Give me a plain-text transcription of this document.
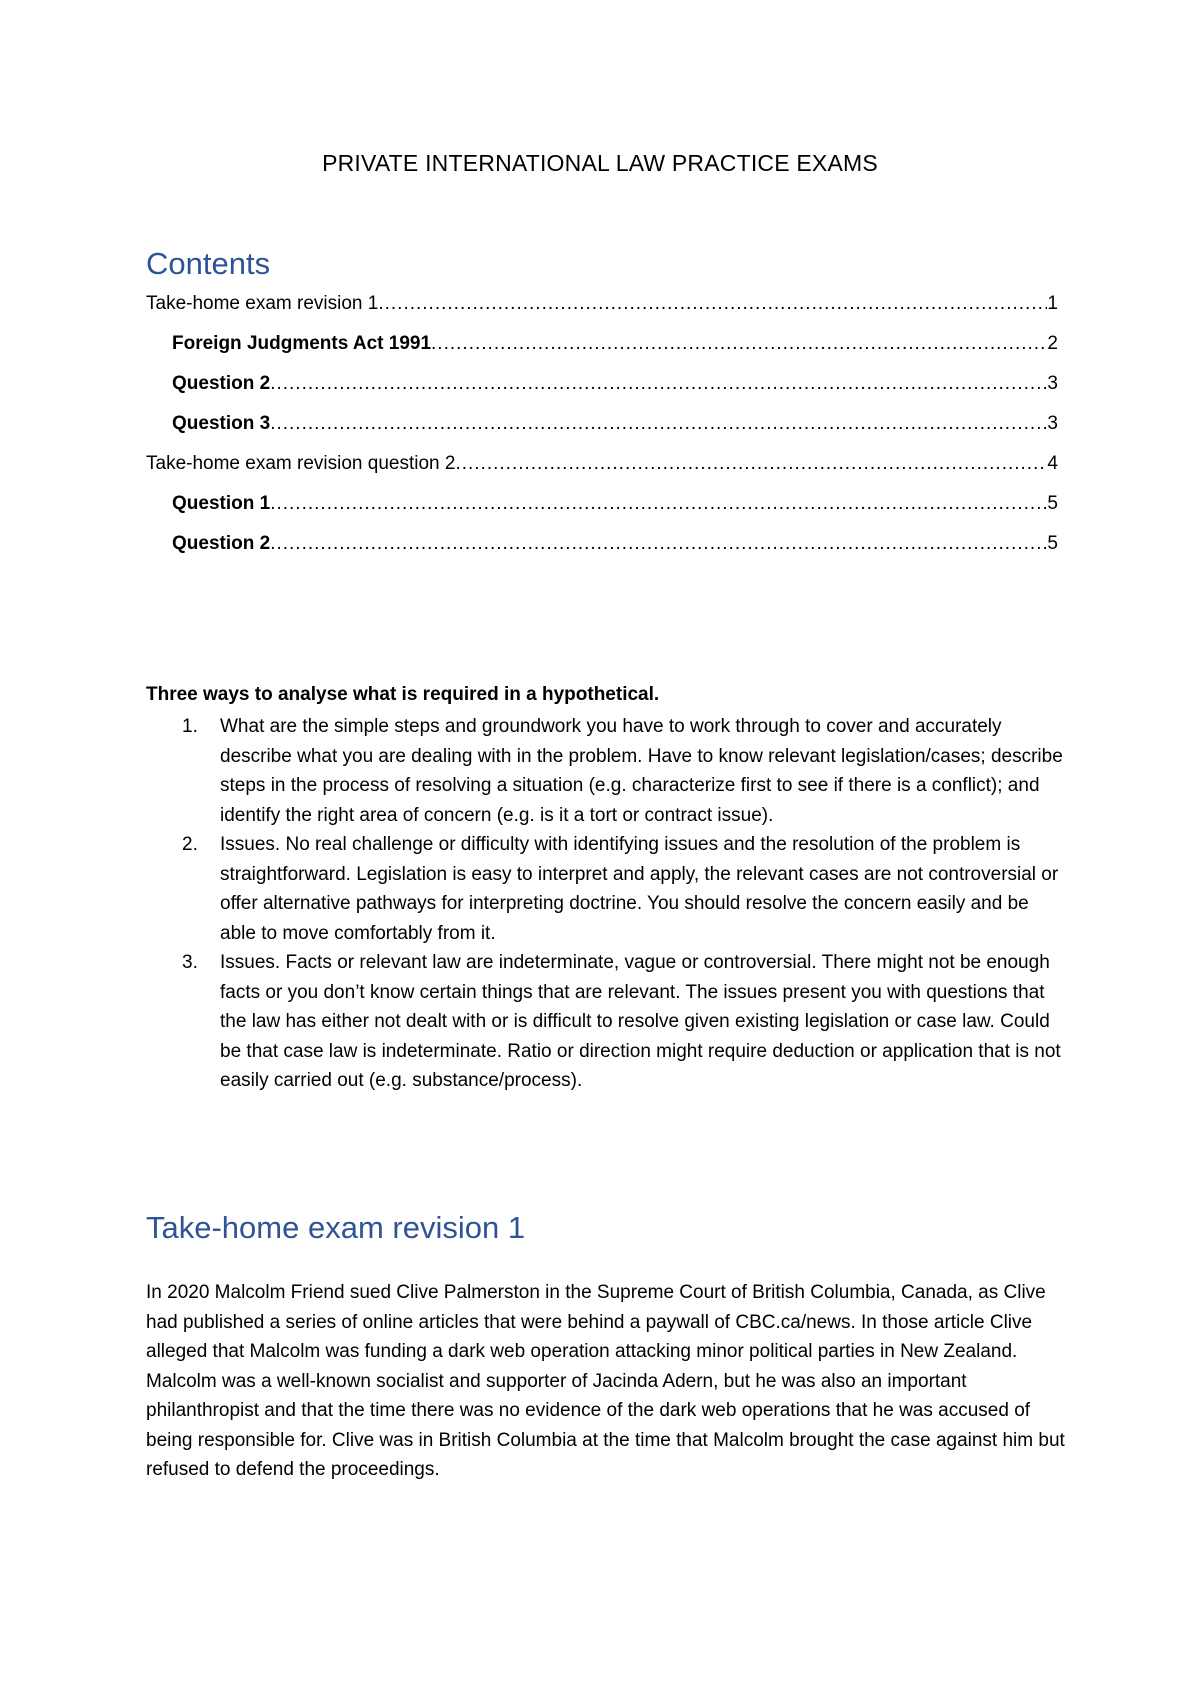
PRIVATE INTERNATIONAL LAW PRACTICE EXAMS
Contents
Take-home exam revision 1 .....	1
Foreign Judgments Act 1991 .....	2
Question 2 .....	3
Question 3 .....	3
Take-home exam revision question 2 .....	4
Question 1 .....	5
Question 2 .....	5

Three ways to analyse what is required in a hypothetical.

1. What are the simple steps and groundwork you have to work through to cover and accurately describe what you are dealing with in the problem. Have to know relevant legislation/cases; describe steps in the process of resolving a situation (e.g. characterize first to see if there is a conflict); and identify the right area of concern (e.g. is it a tort or contract issue).
2. Issues. No real challenge or difficulty with identifying issues and the resolution of the problem is straightforward. Legislation is easy to interpret and apply, the relevant cases are not controversial or offer alternative pathways for interpreting doctrine. You should resolve the concern easily and be able to move comfortably from it.
3. Issues. Facts or relevant law are indeterminate, vague or controversial. There might not be enough facts or you don’t know certain things that are relevant. The issues present you with questions that the law has either not dealt with or is difficult to resolve given existing legislation or case law. Could be that case law is indeterminate. Ratio or direction might require deduction or application that is not easily carried out (e.g. substance/process).
Take-home exam revision 1

In 2020 Malcolm Friend sued Clive Palmerston in the Supreme Court of British Columbia, Canada, as Clive had published a series of online articles that were behind a paywall of CBC.ca/news. In those article Clive alleged that Malcolm was funding a dark web operation attacking minor political parties in New Zealand. Malcolm was a well-known socialist and supporter of Jacinda Adern, but he was also an important philanthropist and that the time there was no evidence of the dark web operations that he was accused of being responsible for. Clive was in British Columbia at the time that Malcolm brought the case against him but refused to defend the proceedings.
